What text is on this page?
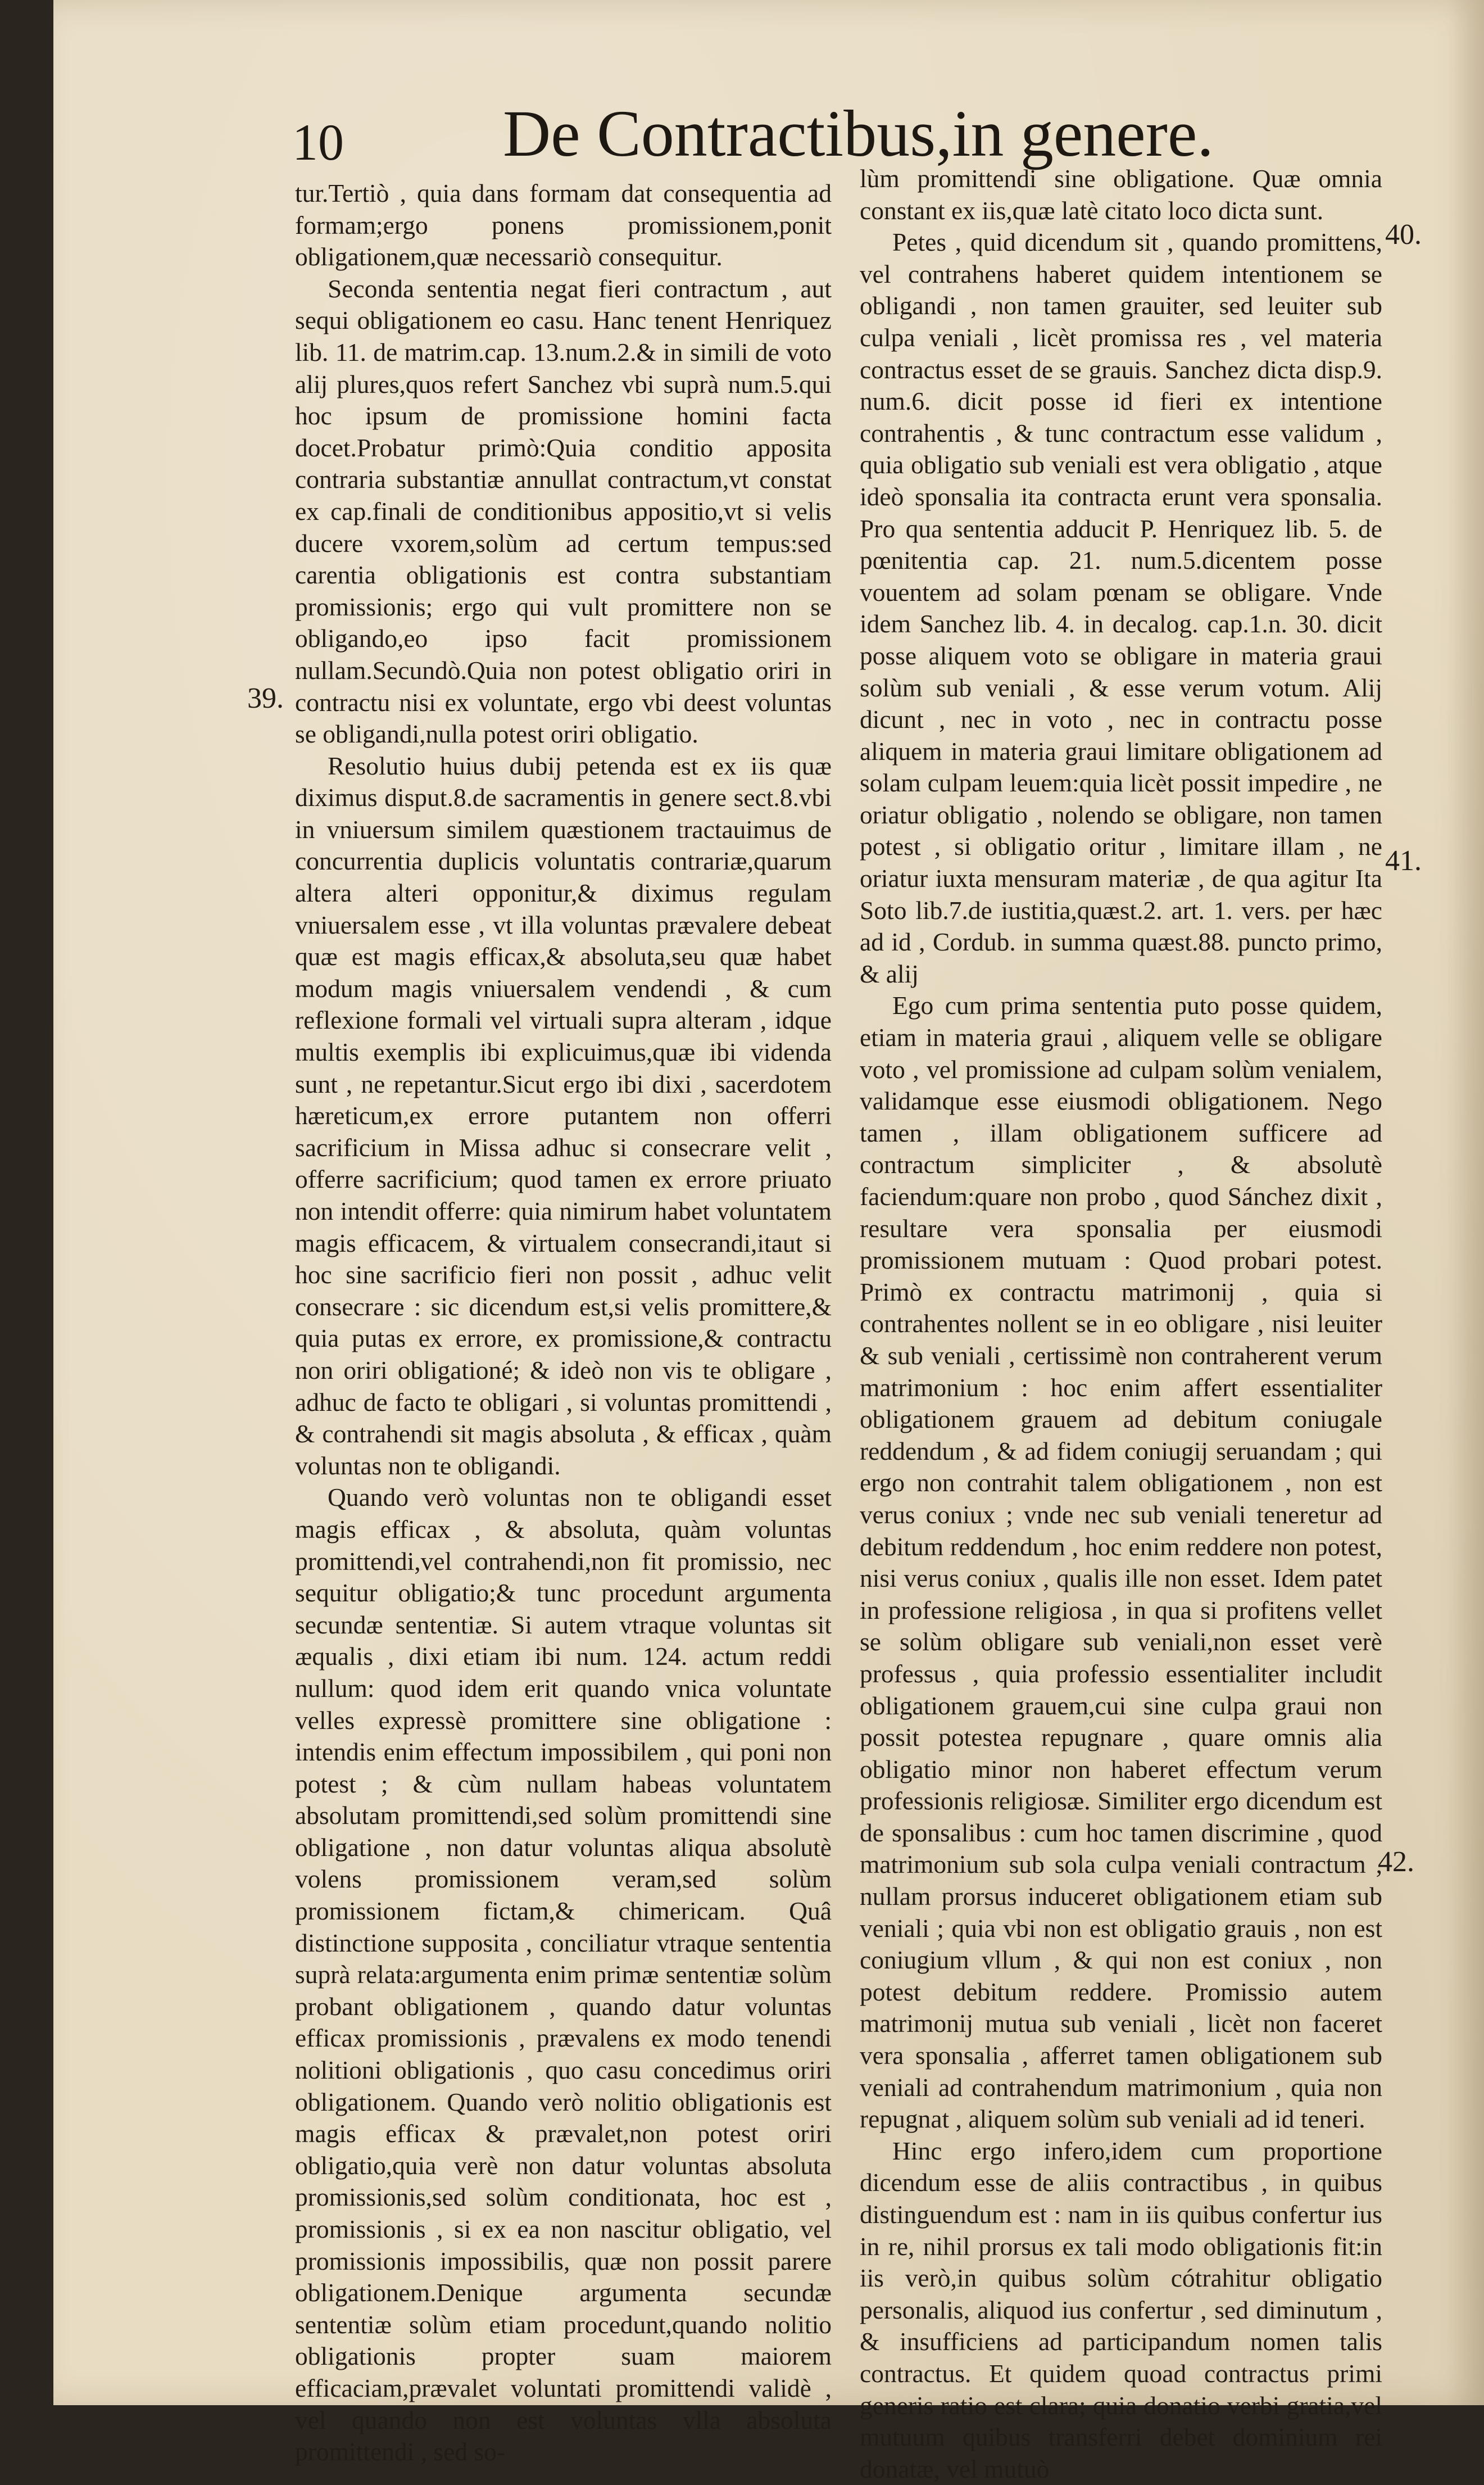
10 De Contractibus,in genere.
39.
40.
41.
42.

tur.Tertiò , quia dans formam dat consequentia ad formam;ergo ponens promissionem,ponit obligationem,quæ necessariò consequitur.

Seconda sententia negat fieri contractum , aut sequi obligationem eo casu. Hanc tenent Henriquez lib. 11. de matrim.cap. 13.num.2.& in simili de voto alij plures,quos refert Sanchez vbi suprà num.5.qui hoc ipsum de promissione homini facta docet.Probatur primò:Quia conditio apposita contraria substantiæ annullat contractum,vt constat ex cap.finali de conditionibus appositio,vt si velis ducere vxorem,solùm ad certum tempus:sed carentia obligationis est contra substantiam promissionis; ergo qui vult promittere non se obligando,eo ipso facit promissionem nullam.Secundò.Quia non potest obligatio oriri in contractu nisi ex voluntate, ergo vbi deest voluntas se obligandi,nulla potest oriri obligatio.

Resolutio huius dubij petenda est ex iis quæ diximus disput.8.de sacramentis in genere sect.8.vbi in vniuersum similem quæstionem tractauimus de concurrentia duplicis voluntatis contrariæ,quarum altera alteri opponitur,& diximus regulam vniuersalem esse , vt illa voluntas prævalere debeat quæ est magis efficax,& absoluta,seu quæ habet modum magis vniuersalem vendendi , & cum reflexione formali vel virtuali supra alteram , idque multis exemplis ibi explicuimus,quæ ibi videnda sunt , ne repetantur.Sicut ergo ibi dixi , sacerdotem hæreticum,ex errore putantem non offerri sacrificium in Missa adhuc si consecrare velit , offerre sacrificium; quod tamen ex errore priuato non intendit offerre: quia nimirum habet voluntatem magis efficacem, & virtualem consecrandi,itaut si hoc sine sacrificio fieri non possit , adhuc velit consecrare : sic dicendum est,si velis promittere,& quia putas ex errore, ex promissione,& contractu non oriri obligationé; & ideò non vis te obligare , adhuc de facto te obligari , si voluntas promittendi , & contrahendi sit magis absoluta , & efficax , quàm voluntas non te obligandi.

Quando verò voluntas non te obligandi esset magis efficax , & absoluta, quàm voluntas promittendi,vel contrahendi,non fit promissio, nec sequitur obligatio;& tunc procedunt argumenta secundæ sententiæ. Si autem vtraque voluntas sit æqualis , dixi etiam ibi num. 124. actum reddi nullum: quod idem erit quando vnica voluntate velles expressè promittere sine obligatione : intendis enim effectum impossibilem , qui poni non potest ; & cùm nullam habeas voluntatem absolutam promittendi,sed solùm promittendi sine obligatione , non datur voluntas aliqua absolutè volens promissionem veram,sed solùm promissionem fictam,& chimericam. Quâ distinctione supposita , conciliatur vtraque sententia suprà relata:argumenta enim primæ sententiæ solùm probant obligationem , quando datur voluntas efficax promissionis , prævalens ex modo tenendi nolitioni obligationis , quo casu concedimus oriri obligationem. Quando verò nolitio obligationis est magis efficax & prævalet,non potest oriri obligatio,quia verè non datur voluntas absoluta promissionis,sed solùm conditionata, hoc est , promissionis , si ex ea non nascitur obligatio, vel promissionis impossibilis, quæ non possit parere obligationem.Denique argumenta secundæ sententiæ solùm etiam procedunt,quando nolitio obligationis propter suam maiorem efficaciam,prævalet voluntati promittendi validè , vel quando non est voluntas vlla absoluta promittendi , sed so-

lùm promittendi sine obligatione. Quæ omnia constant ex iis,quæ latè citato loco dicta sunt.

Petes , quid dicendum sit , quando promittens, vel contrahens haberet quidem intentionem se obligandi , non tamen grauiter, sed leuiter sub culpa veniali , licèt promissa res , vel materia contractus esset de se grauis. Sanchez dicta disp.9. num.6. dicit posse id fieri ex intentione contrahentis , & tunc contractum esse validum , quia obligatio sub veniali est vera obligatio , atque ideò sponsalia ita contracta erunt vera sponsalia. Pro qua sententia adducit P. Henriquez lib. 5. de pœnitentia cap. 21. num.5.dicentem posse vouentem ad solam pœnam se obligare. Vnde idem Sanchez lib. 4. in decalog. cap.1.n. 30. dicit posse aliquem voto se obligare in materia graui solùm sub veniali , & esse verum votum. Alij dicunt , nec in voto , nec in contractu posse aliquem in materia graui limitare obligationem ad solam culpam leuem:quia licèt possit impedire , ne oriatur obligatio , nolendo se obligare, non tamen potest , si obligatio oritur , limitare illam , ne oriatur iuxta mensuram materiæ , de qua agitur Ita Soto lib.7.de iustitia,quæst.2. art. 1. vers. per hæc ad id , Cordub. in summa quæst.88. puncto primo, & alij

Ego cum prima sententia puto posse quidem, etiam in materia graui , aliquem velle se obligare voto , vel promissione ad culpam solùm venialem, validamque esse eiusmodi obligationem. Nego tamen , illam obligationem sufficere ad contractum simpliciter , & absolutè faciendum:quare non probo , quod Sánchez dixit , resultare vera sponsalia per eiusmodi promissionem mutuam : Quod probari potest. Primò ex contractu matrimonij , quia si contrahentes nollent se in eo obligare , nisi leuiter & sub veniali , certissimè non contraherent verum matrimonium : hoc enim affert essentialiter obligationem grauem ad debitum coniugale reddendum , & ad fidem coniugij seruandam ; qui ergo non contrahit talem obligationem , non est verus coniux ; vnde nec sub veniali teneretur ad debitum reddendum , hoc enim reddere non potest, nisi verus coniux , qualis ille non esset. Idem patet in professione religiosa , in qua si profitens vellet se solùm obligare sub veniali,non esset verè professus , quia professio essentialiter includit obligationem grauem,cui sine culpa graui non possit potestea repugnare , quare omnis alia obligatio minor non haberet effectum verum professionis religiosæ. Similiter ergo dicendum est de sponsalibus : cum hoc tamen discrimine , quod matrimonium sub sola culpa veniali contractum , nullam prorsus induceret obligationem etiam sub veniali ; quia vbi non est obligatio grauis , non est coniugium vllum , & qui non est coniux , non potest debitum reddere. Promissio autem matrimonij mutua sub veniali , licèt non faceret vera sponsalia , afferret tamen obligationem sub veniali ad contrahendum matrimonium , quia non repugnat , aliquem solùm sub veniali ad id teneri.

Hinc ergo infero,idem cum proportione dicendum esse de aliis contractibus , in quibus distinguendum est : nam in iis quibus confertur ius in re, nihil prorsus ex tali modo obligationis fit:in iis verò,in quibus solùm cótrahitur obligatio personalis, aliquod ius confertur , sed diminutum , & insufficiens ad participandum nomen talis contractus. Et quidem quoad contractus primi generis ratio est clara; quia donatio verbi gratia,vel mutuum quibus transferri debet dominium rei donatæ, vel mutuò
